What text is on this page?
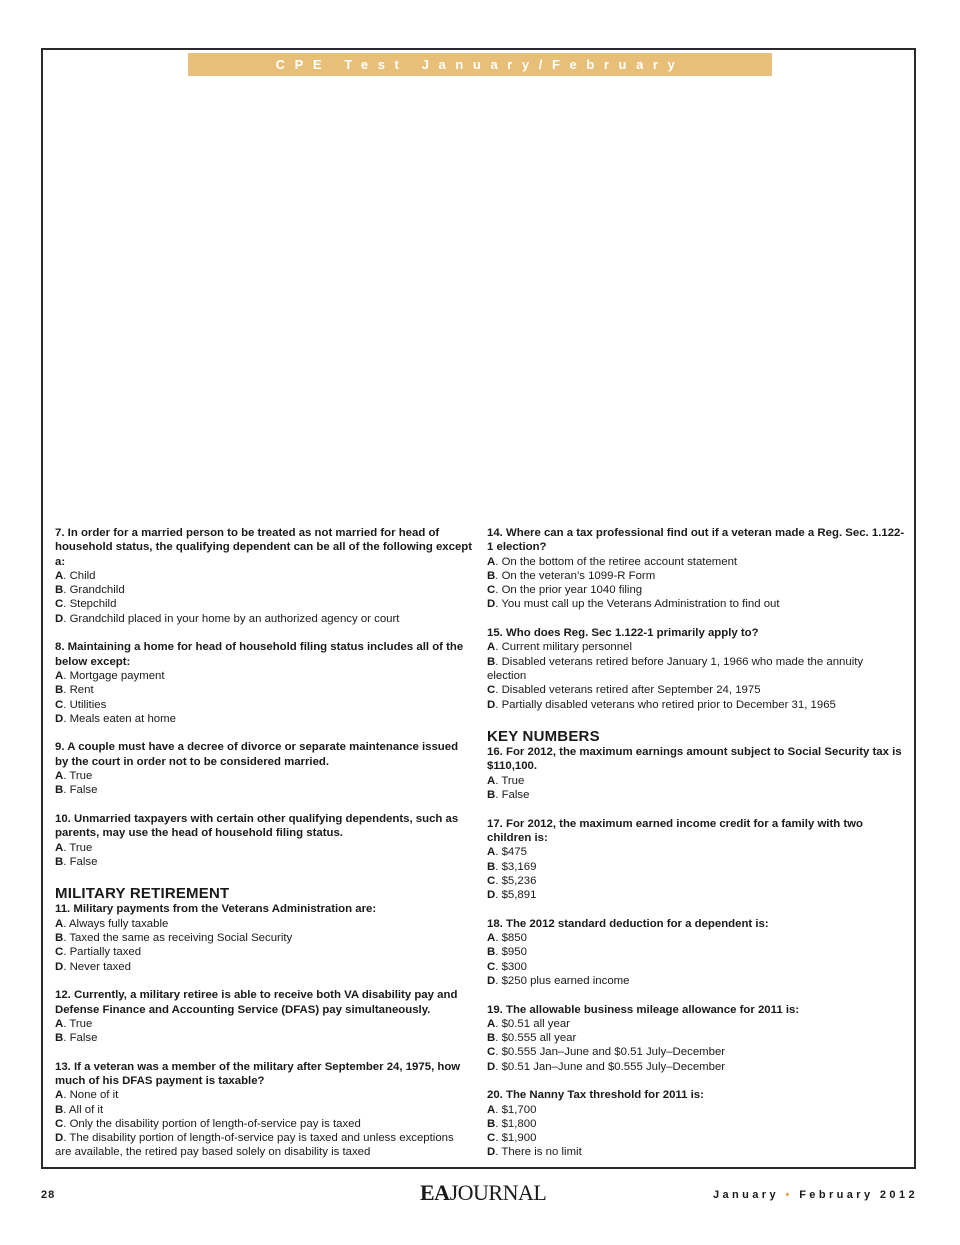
CPE Test January/February
7. In order for a married person to be treated as not married for head of household status, the qualifying dependent can be all of the following except a:
A. Child
B. Grandchild
C. Stepchild
D. Grandchild placed in your home by an authorized agency or court
8. Maintaining a home for head of household filing status includes all of the below except:
A. Mortgage payment
B. Rent
C. Utilities
D. Meals eaten at home
9. A couple must have a decree of divorce or separate maintenance issued by the court in order not to be considered married.
A. True
B. False
10. Unmarried taxpayers with certain other qualifying dependents, such as parents, may use the head of household filing status.
A. True
B. False
MILITARY RETIREMENT
11. Military payments from the Veterans Administration are:
A. Always fully taxable
B. Taxed the same as receiving Social Security
C. Partially taxed
D. Never taxed
12. Currently, a military retiree is able to receive both VA disability pay and Defense Finance and Accounting Service (DFAS) pay simultaneously.
A. True
B. False
13. If a veteran was a member of the military after September 24, 1975, how much of his DFAS payment is taxable?
A. None of it
B. All of it
C. Only the disability portion of length-of-service pay is taxed
D. The disability portion of length-of-service pay is taxed and unless exceptions are available, the retired pay based solely on disability is taxed
14. Where can a tax professional find out if a veteran made a Reg. Sec. 1.122-1 election?
A. On the bottom of the retiree account statement
B. On the veteran’s 1099-R Form
C. On the prior year 1040 filing
D. You must call up the Veterans Administration to find out
15. Who does Reg. Sec 1.122-1 primarily apply to?
A. Current military personnel
B. Disabled veterans retired before January 1, 1966 who made the annuity election
C. Disabled veterans retired after September 24, 1975
D. Partially disabled veterans who retired prior to December 31, 1965
KEY NUMBERS
16. For 2012, the maximum earnings amount subject to Social Security tax is $110,100.
A. True
B. False
17. For 2012, the maximum earned income credit for a family with two children is:
A. $475
B. $3,169
C. $5,236
D. $5,891
18. The 2012 standard deduction for a dependent is:
A. $850
B. $950
C. $300
D. $250 plus earned income
19. The allowable business mileage allowance for 2011 is:
A. $0.51 all year
B. $0.555 all year
C. $0.555 Jan–June and $0.51 July–December
D. $0.51 Jan–June and $0.555 July–December
20. The Nanny Tax threshold for 2011 is:
A. $1,700
B. $1,800
C. $1,900
D. There is no limit
28	EAJOURNAL	January • February 2012
